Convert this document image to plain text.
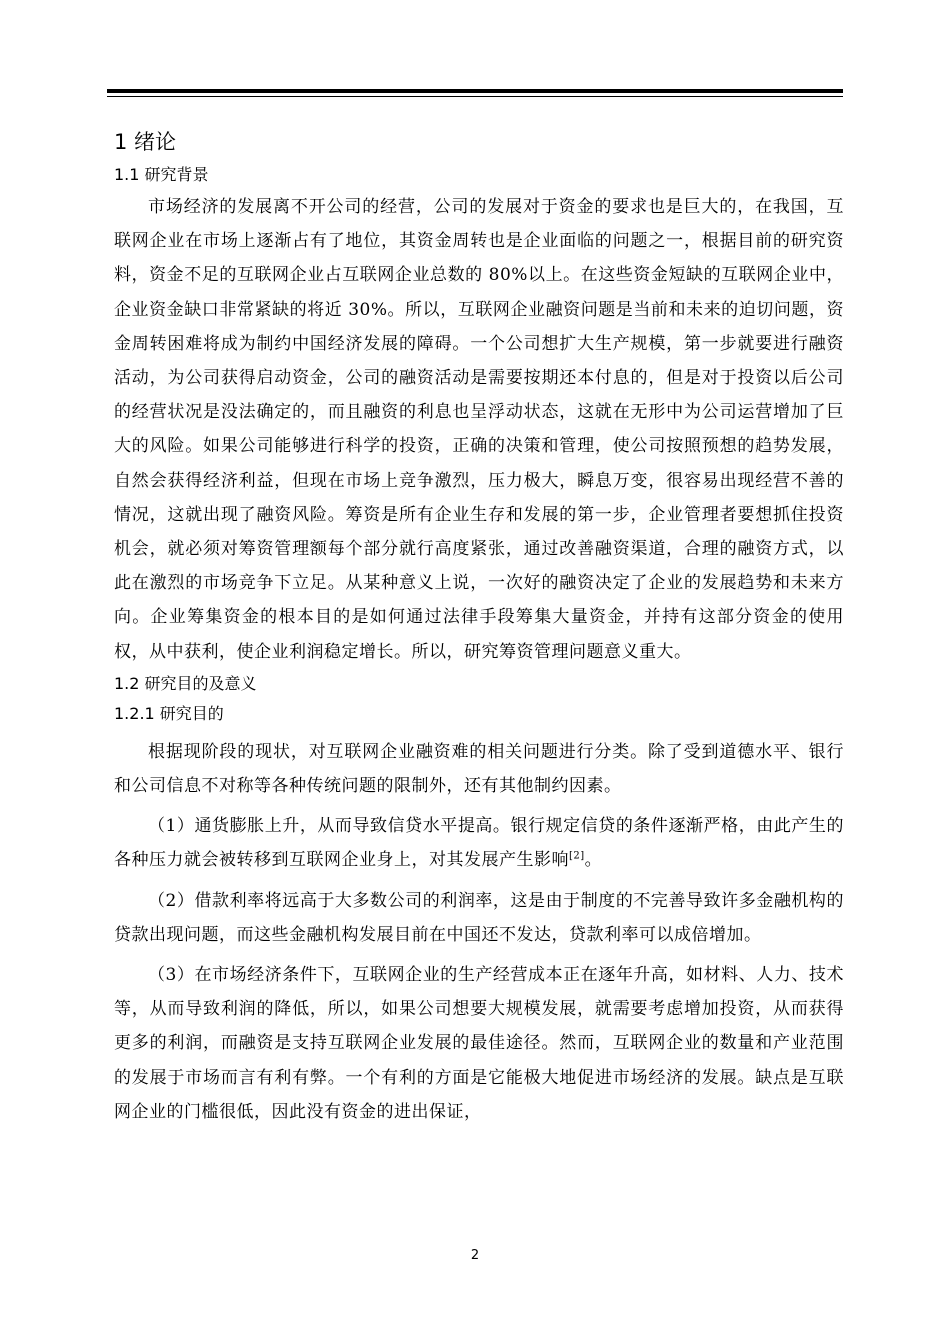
1 绪论
1.1 研究背景

市场经济的发展离不开公司的经营，公司的发展对于资金的要求也是巨大的，在我国，互联网企业在市场上逐渐占有了地位，其资金周转也是企业面临的问题之一，根据目前的研究资料，资金不足的互联网企业占互联网企业总数的 80%以上。在这些资金短缺的互联网企业中，企业资金缺口非常紧缺的将近 30%。所以，互联网企业融资问题是当前和未来的迫切问题，资金周转困难将成为制约中国经济发展的障碍。一个公司想扩大生产规模，第一步就要进行融资活动，为公司获得启动资金，公司的融资活动是需要按期还本付息的，但是对于投资以后公司的经营状况是没法确定的，而且融资的利息也呈浮动状态，这就在无形中为公司运营增加了巨大的风险。如果公司能够进行科学的投资，正确的决策和管理，使公司按照预想的趋势发展，自然会获得经济利益，但现在市场上竞争激烈，压力极大，瞬息万变，很容易出现经营不善的情况，这就出现了融资风险。筹资是所有企业生存和发展的第一步，企业管理者要想抓住投资机会，就必须对筹资管理额每个部分就行高度紧张，通过改善融资渠道，合理的融资方式，以此在激烈的市场竞争下立足。从某种意义上说，一次好的融资决定了企业的发展趋势和未来方向。企业筹集资金的根本目的是如何通过法律手段筹集大量资金，并持有这部分资金的使用权，从中获利，使企业利润稳定增长。所以，研究筹资管理问题意义重大。

1.2 研究目的及意义
1.2.1 研究目的

根据现阶段的现状，对互联网企业融资难的相关问题进行分类。除了受到道德水平、银行和公司信息不对称等各种传统问题的限制外，还有其他制约因素。

（1）通货膨胀上升，从而导致信贷水平提高。银行规定信贷的条件逐渐严格，由此产生的各种压力就会被转移到互联网企业身上，对其发展产生影响[2]。

（2）借款利率将远高于大多数公司的利润率，这是由于制度的不完善导致许多金融机构的贷款出现问题，而这些金融机构发展目前在中国还不发达，贷款利率可以成倍增加。

（3）在市场经济条件下，互联网企业的生产经营成本正在逐年升高，如材料、人力、技术等，从而导致利润的降低，所以，如果公司想要大规模发展，就需要考虑增加投资，从而获得更多的利润，而融资是支持互联网企业发展的最佳途径。然而，互联网企业的数量和产业范围的发展于市场而言有利有弊。一个有利的方面是它能极大地促进市场经济的发展。缺点是互联网企业的门槛很低，因此没有资金的进出保证，

2
